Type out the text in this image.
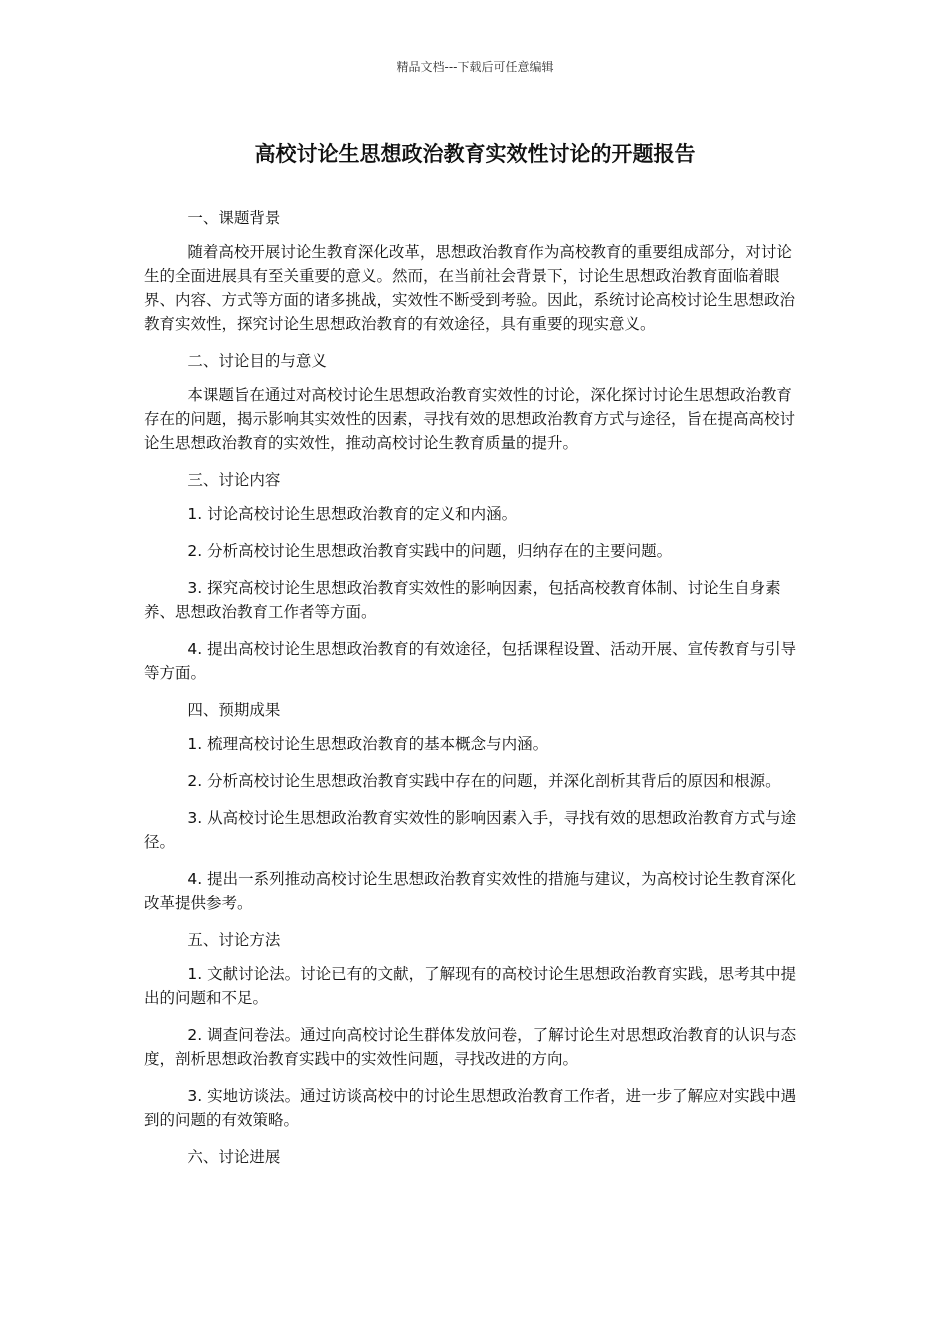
精品文档---下载后可任意编辑
高校讨论生思想政治教育实效性讨论的开题报告

一、课题背景

随着高校开展讨论生教育深化改革，思想政治教育作为高校教育的重要组成部分，对讨论生的全面进展具有至关重要的意义。然而，在当前社会背景下，讨论生思想政治教育面临着眼界、内容、方式等方面的诸多挑战，实效性不断受到考验。因此，系统讨论高校讨论生思想政治教育实效性，探究讨论生思想政治教育的有效途径，具有重要的现实意义。

二、讨论目的与意义

本课题旨在通过对高校讨论生思想政治教育实效性的讨论，深化探讨讨论生思想政治教育存在的问题，揭示影响其实效性的因素，寻找有效的思想政治教育方式与途径，旨在提高高校讨论生思想政治教育的实效性，推动高校讨论生教育质量的提升。

三、讨论内容

1. 讨论高校讨论生思想政治教育的定义和内涵。

2. 分析高校讨论生思想政治教育实践中的问题，归纳存在的主要问题。

3. 探究高校讨论生思想政治教育实效性的影响因素，包括高校教育体制、讨论生自身素养、思想政治教育工作者等方面。

4. 提出高校讨论生思想政治教育的有效途径，包括课程设置、活动开展、宣传教育与引导等方面。

四、预期成果

1. 梳理高校讨论生思想政治教育的基本概念与内涵。

2. 分析高校讨论生思想政治教育实践中存在的问题，并深化剖析其背后的原因和根源。

3. 从高校讨论生思想政治教育实效性的影响因素入手，寻找有效的思想政治教育方式与途径。

4. 提出一系列推动高校讨论生思想政治教育实效性的措施与建议，为高校讨论生教育深化改革提供参考。

五、讨论方法

1. 文献讨论法。讨论已有的文献，了解现有的高校讨论生思想政治教育实践，思考其中提出的问题和不足。

2. 调查问卷法。通过向高校讨论生群体发放问卷，了解讨论生对思想政治教育的认识与态度，剖析思想政治教育实践中的实效性问题，寻找改进的方向。

3. 实地访谈法。通过访谈高校中的讨论生思想政治教育工作者，进一步了解应对实践中遇到的问题的有效策略。

六、讨论进展
